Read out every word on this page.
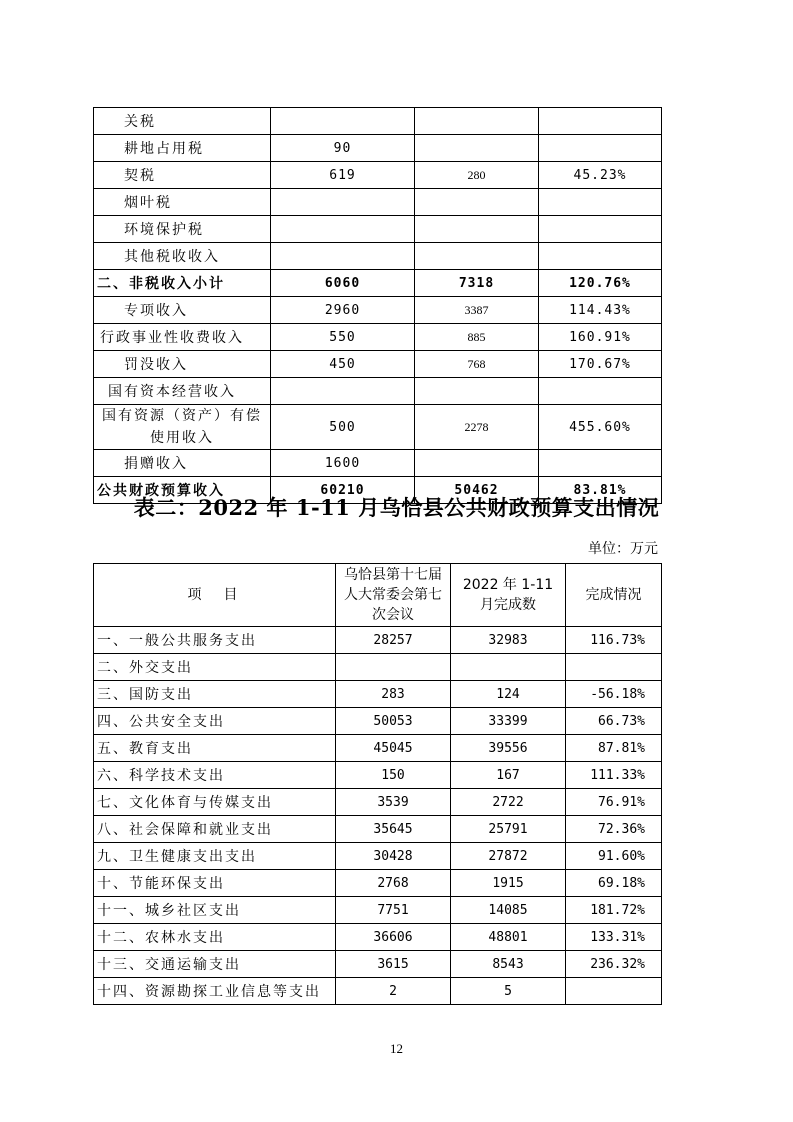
关税			
耕地占用税	90		
契税	619	280	45.23%
烟叶税			
环境保护税			
其他税收收入			
二、非税收入小计	6060	7318	120.76%
专项收入	2960	3387	114.43%
行政事业性收费收入	550	885	160.91%
罚没收入	450	768	170.67%
国有资本经营收入			
国有资源（资产）有偿使用收入	500	2278	455.60%
捐赠收入	1600		
公共财政预算收入	60210	50462	83.81%
表二：2022 年 1-11 月乌恰县公共财政预算支出情况
单位：万元
项　目	乌恰县第十七届人大常委会第七次会议	2022 年 1-11 月完成数	完成情况
一、一般公共服务支出	28257	32983	116.73%
二、外交支出			
三、国防支出	283	124	-56.18%
四、公共安全支出	50053	33399	66.73%
五、教育支出	45045	39556	87.81%
六、科学技术支出	150	167	111.33%
七、文化体育与传媒支出	3539	2722	76.91%
八、社会保障和就业支出	35645	25791	72.36%
九、卫生健康支出支出	30428	27872	91.60%
十、节能环保支出	2768	1915	69.18%
十一、城乡社区支出	7751	14085	181.72%
十二、农林水支出	36606	48801	133.31%
十三、交通运输支出	3615	8543	236.32%
十四、资源勘探工业信息等支出	2	5	
12
